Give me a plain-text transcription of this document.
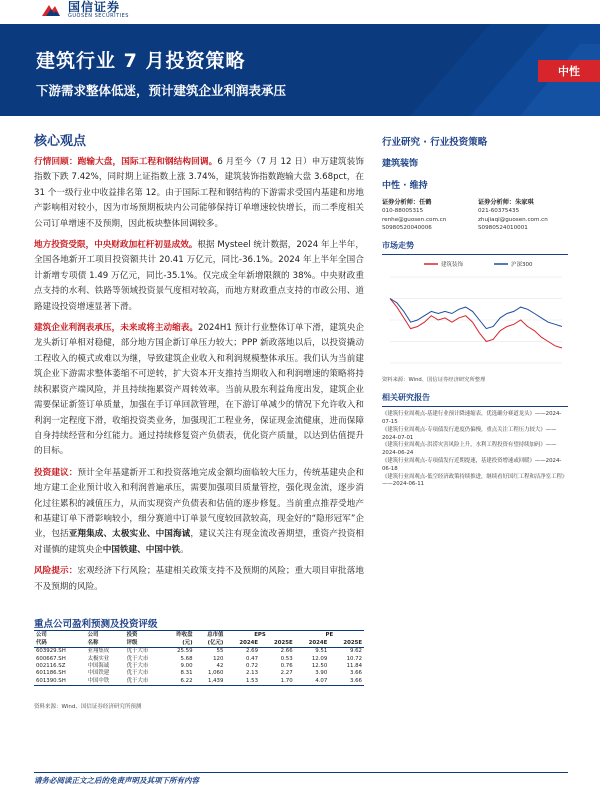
国信证券
GUOSEN SECURITIES
建筑行业 7 月投资策略
下游需求整体低迷，预计建筑企业利润表承压
中性
核心观点

行情回顾：跑输大盘，国际工程和钢结构回调。6 月至今（7 月 12 日）申万建筑装饰指数下跌 7.42%，同时期上证指数上涨 3.74%，建筑装饰指数跑输大盘 3.68pct，在 31 个一级行业中收益排名第 12。由于国际工程和钢结构的下游需求受国内基建和房地产影响相对较小，因为市场预期板块内公司能够保持订单增速较快增长，而二季度相关公司订单增速不及预期，因此板块整体回调较多。

地方投资受限，中央财政加杠杆初显成效。根据 Mysteel 统计数据，2024 年上半年，全国各地新开工项目投资额共计 20.41 万亿元，同比-36.1%。2024 年上半年全国合计新增专项债 1.49 万亿元，同比-35.1%。仅完成全年新增限额的 38%。中央财政重点支持的水利、铁路等领域投资景气度相对较高，而地方财政重点支持的市政公用、道路建设投资增速显著下滑。

建筑企业利润表承压，未来或将主动缩表。2024H1 预计行业整体订单下滑，建筑央企龙头新订单相对稳健，部分地方国企新订单压力较大；PPP 新政落地以后，以投资撬动工程收入的模式或难以为继，导致建筑企业收入和利润规模整体承压。我们认为当前建筑企业下游需求整体萎缩不可逆转，扩大资本开支推持当期收入和利润增速的策略将持续积累资产端风险，并且持续拖累资产周转效率。当前从股东利益角度出发，建筑企业需要保证新签订单质量，加强在手订单回款管理，在下游订单减少的情况下允许收入和利润一定程度下滑，收缩投资类业务，加强现汇工程业务，保证现金流健康，进而保障自身持续经营和分红能力。通过持续修复资产负债表，优化资产质量，以达到估值提升的目标。

投资建议：预计全年基建新开工和投资落地完成金额均面临较大压力，传统基建央企和地方建工企业预计收入和利润普遍承压，需要加强项目质量管控，强化现金流，逐步消化过往累积的减值压力，从而实现资产负债表和估值的逐步修复。当前重点推荐受地产和基建订单下滑影响较小，细分赛道中订单景气度较回款较高，现金好的“隐形冠军”企业，包括亚翔集成、太极实业、中国海诚，建议关注有现金流改善期望，重资产投资相对谨慎的建筑央企中国铁建、中国中铁。

风险提示：宏观经济下行风险；基建相关政策支持不及预期的风险；重大项目审批落地不及预期的风险。

重点公司盈利预测及投资评级
公司	公司	投资	昨收盘	总市值	EPS		PE	
代码	名称	评级	(元)	(亿元)	2024E	2025E	2024E	2025E
603929.SH	亚翔集成	优于大市	25.59	55	2.69	2.66	9.51	9.62
600667.SH	太极实业	优于大市	5.68	120	0.47	0.53	12.09	10.72
002116.SZ	中国海诚	优于大市	9.00	42	0.72	0.76	12.50	11.84
601186.SH	中国铁建	优于大市	8.31	1,060	2.13	2.27	3.90	3.66
601390.SH	中国中铁	优于大市	6.22	1,439	1.53	1.70	4.07	3.66
资料来源：Wind、国信证券经济研究所预测
行业研究 · 行业投资策略
建筑装饰
中性 · 维持
证券分析师：任鹤
010-88005315
renhe@guosen.com.cn
S0980520040006
证券分析师：朱家琪
021-60375435
zhujiaqi@guosen.com.cn
S0980524010001
市场走势
建筑装饰	沪深300
资料来源：Wind、国信证券经济研究所整理
相关研究报告
《建筑行业周观点-基建行业预计降速缩表，优选确分赛道龙头》——2024-07-15
《建筑行业周观点-专项债发行进度仍偏慢，重点关注工程压力较大》——2024-07-01
《建筑行业周观点-洪涝灾害风险上升，水利工程投资有望持续加码》——2024-06-24
《建筑行业周观点-专项债发行近期提速，基建投资增速或回暖》——2024-06-18
《建筑行业周观点-低空经济政策持续推进，继续看好国红工程和洁净室工程》——2024-06-11
请务必阅读正文之后的免责声明及其项下所有内容
